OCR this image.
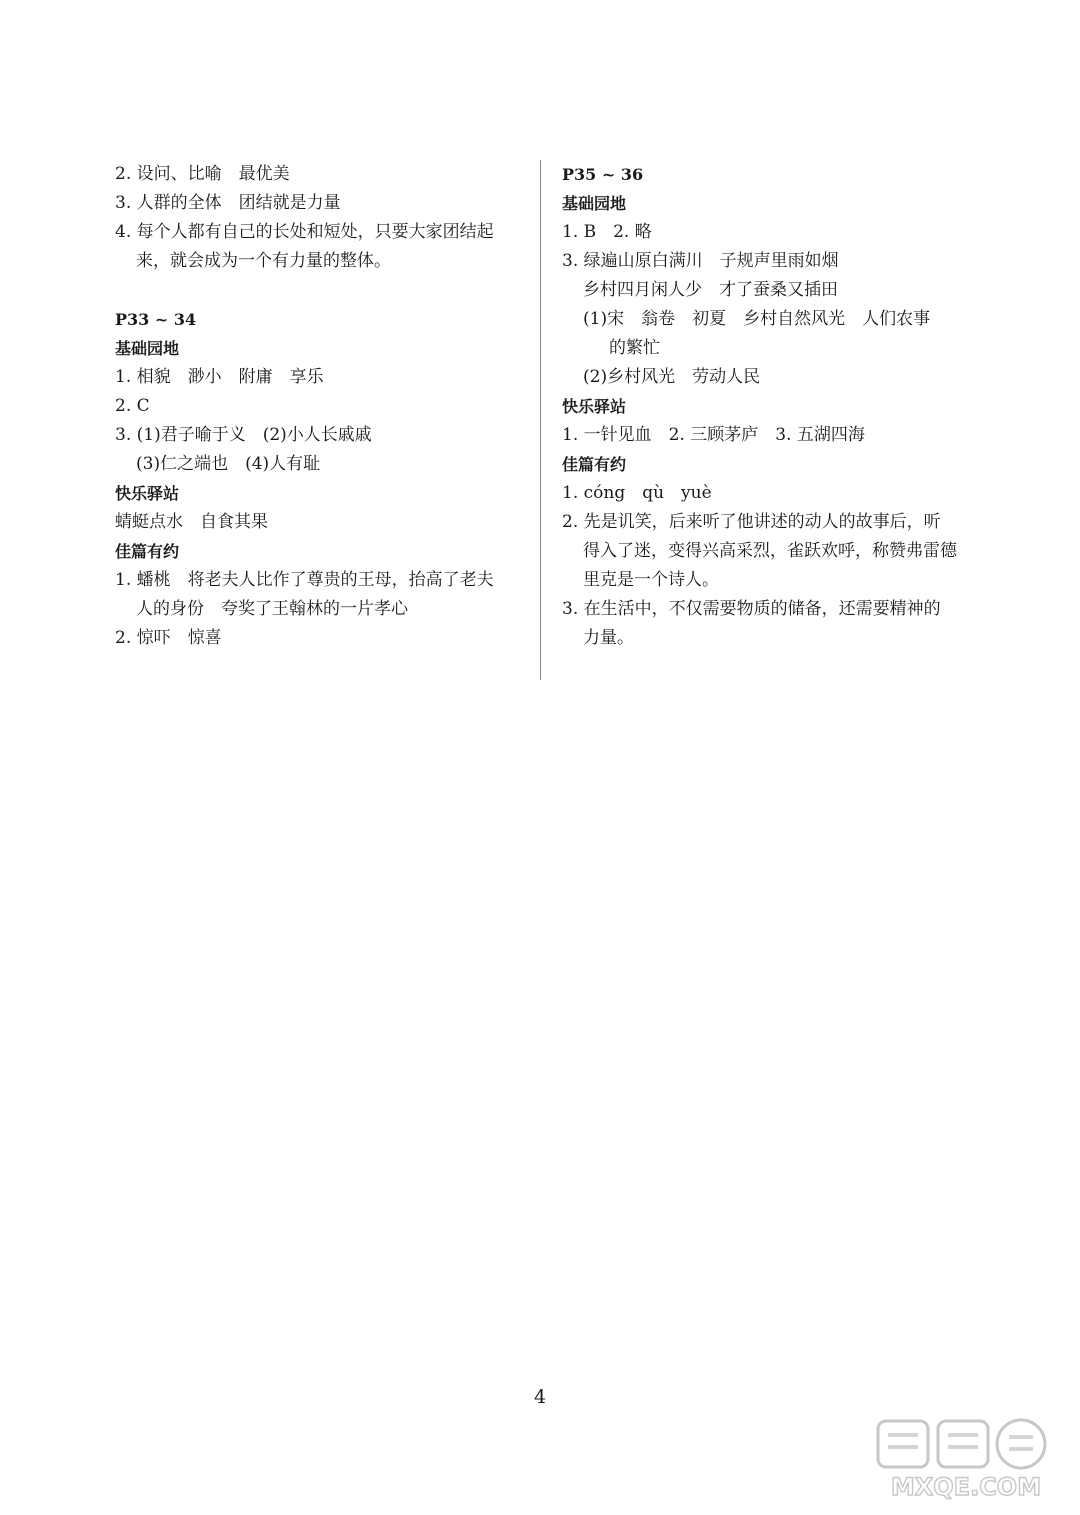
2. 设问、比喻　最优美
3. 人群的全体　团结就是力量
4. 每个人都有自己的长处和短处，只要大家团结起
来，就会成为一个有力量的整体。
P33 ~ 34
基础园地
1. 相貌　渺小　附庸　享乐
2. C
3. (1)君子喻于义　(2)小人长戚戚
(3)仁之端也　(4)人有耻
快乐驿站
蜻蜓点水　自食其果
佳篇有约
1. 蟠桃　将老夫人比作了尊贵的王母，抬高了老夫
人的身份　夸奖了王翰林的一片孝心
2. 惊吓　惊喜
P35 ~ 36
基础园地
1. B　2. 略
3. 绿遍山原白满川　子规声里雨如烟
乡村四月闲人少　才了蚕桑又插田
(1)宋　翁卷　初夏　乡村自然风光　人们农事
的繁忙
(2)乡村风光　劳动人民
快乐驿站
1. 一针见血　2. 三顾茅庐　3. 五湖四海
佳篇有约
1. cóng　qù　yuè
2. 先是讥笑，后来听了他讲述的动人的故事后，听
得入了迷，变得兴高采烈，雀跃欢呼，称赞弗雷德
里克是一个诗人。
3. 在生活中，不仅需要物质的储备，还需要精神的
力量。
4
MXQE.COM
